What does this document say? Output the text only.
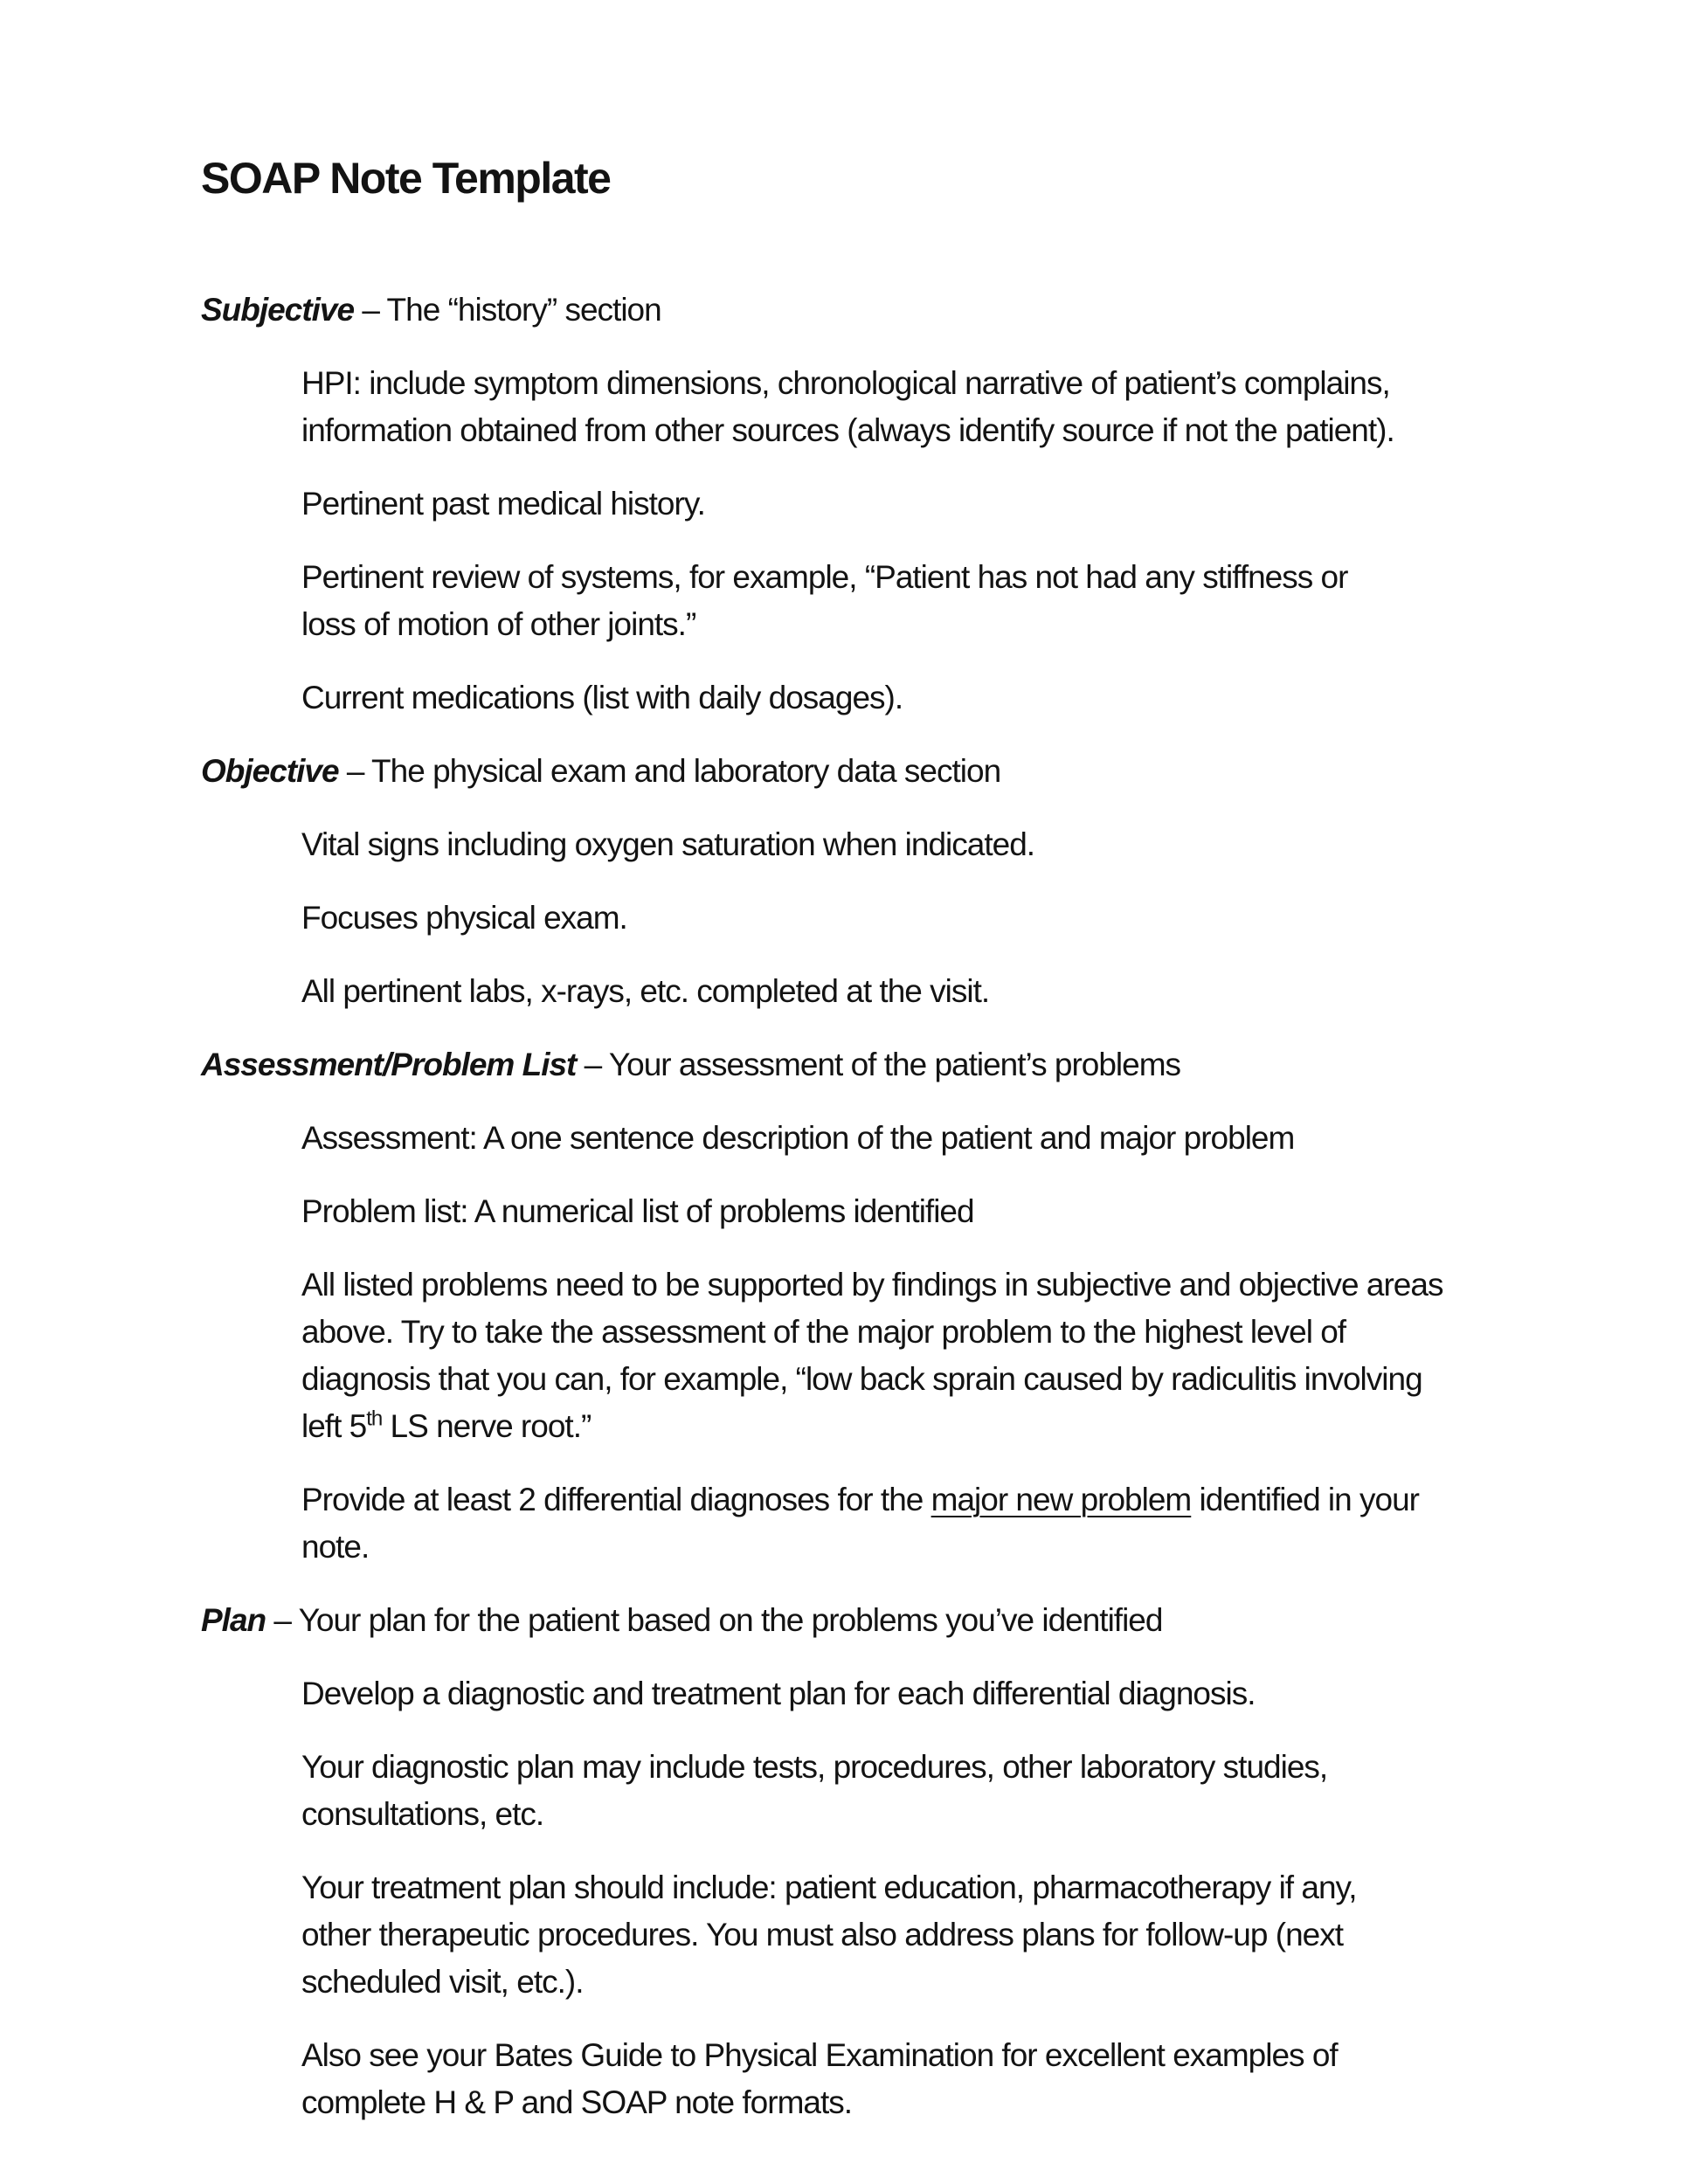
SOAP Note Template

Subjective – The “history” section

HPI: include symptom dimensions, chronological narrative of patient’s complains,
information obtained from other sources (always identify source if not the patient).

Pertinent past medical history.

Pertinent review of systems, for example, “Patient has not had any stiffness or
loss of motion of other joints.”

Current medications (list with daily dosages).

Objective – The physical exam and laboratory data section

Vital signs including oxygen saturation when indicated.

Focuses physical exam.

All pertinent labs, x-rays, etc. completed at the visit.

Assessment/Problem List – Your assessment of the patient’s problems

Assessment: A one sentence description of the patient and major problem

Problem list: A numerical list of problems identified

All listed problems need to be supported by findings in subjective and objective areas
above. Try to take the assessment of the major problem to the highest level of
diagnosis that you can, for example, “low back sprain caused by radiculitis involving
left 5th LS nerve root.”

Provide at least 2 differential diagnoses for the major new problem identified in your
note.

Plan – Your plan for the patient based on the problems you’ve identified

Develop a diagnostic and treatment plan for each differential diagnosis.

Your diagnostic plan may include tests, procedures, other laboratory studies,
consultations, etc.

Your treatment plan should include: patient education, pharmacotherapy if any,
other therapeutic procedures. You must also address plans for follow-up (next
scheduled visit, etc.).

Also see your Bates Guide to Physical Examination for excellent examples of
complete H & P and SOAP note formats.
